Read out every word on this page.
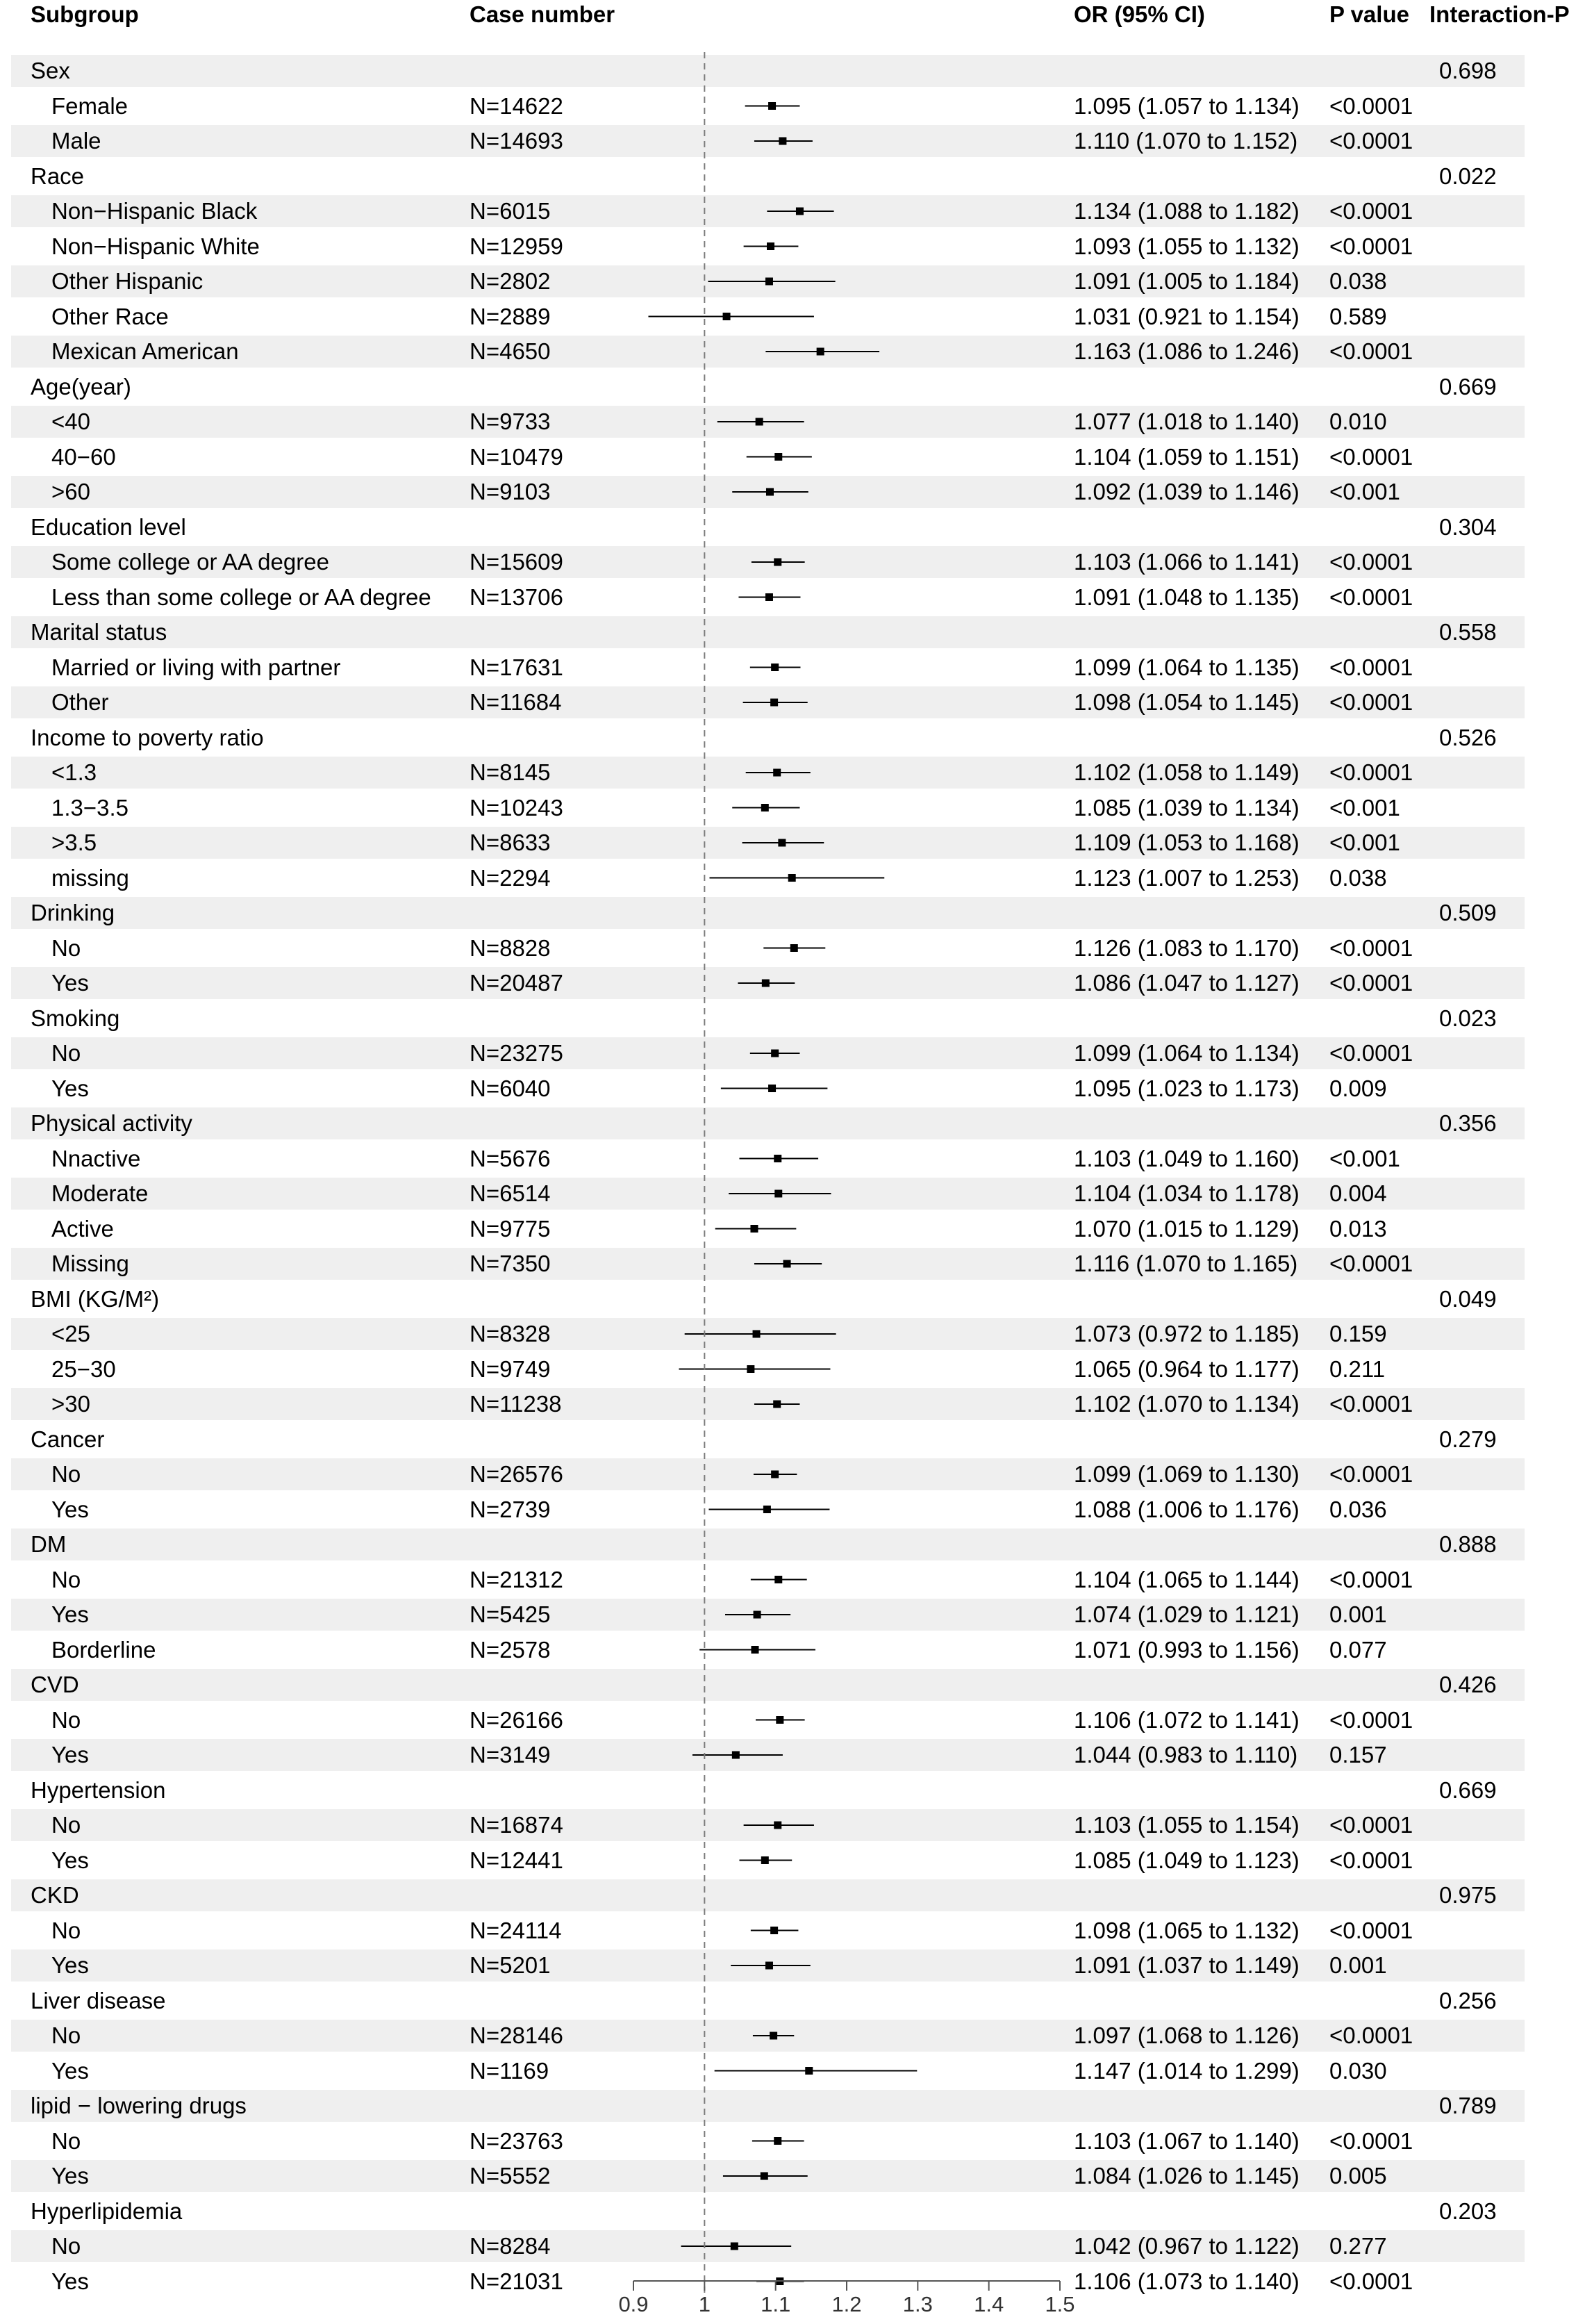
Subgroup	Case number	OR (95% CI)	P value Interaction-P
Sex	0.698
Female	N=14622	1.095 (1.057 to 1.134) <0.0001
Male	N=14693	1.110 (1.070 to 1.152) <0.0001
Race	0.022
Non−Hispanic Black	N=6015	1.134 (1.088 to 1.182) <0.0001
Non−Hispanic White	N=12959	1.093 (1.055 to 1.132) <0.0001
Other Hispanic	N=2802	1.091 (1.005 to 1.184) 0.038
Other Race	N=2889	1.031 (0.921 to 1.154) 0.589
Mexican American	N=4650	1.163 (1.086 to 1.246) <0.0001
Age(year)	0.669
<40	N=9733	1.077 (1.018 to 1.140) 0.010
40−60	N=10479	1.104 (1.059 to 1.151) <0.0001
>60	N=9103	1.092 (1.039 to 1.146) <0.001
Education level	0.304
Some college or AA degree	N=15609	1.103 (1.066 to 1.141) <0.0001
Less than some college or AA degree N=13706	1.091 (1.048 to 1.135) <0.0001
Marital status	0.558
Married or living with partner	N=17631	1.099 (1.064 to 1.135) <0.0001
Other	N=11684	1.098 (1.054 to 1.145) <0.0001
Income to poverty ratio	0.526
<1.3	N=8145	1.102 (1.058 to 1.149) <0.0001
1.3−3.5	N=10243	1.085 (1.039 to 1.134) <0.001
>3.5	N=8633	1.109 (1.053 to 1.168) <0.001
missing	N=2294	1.123 (1.007 to 1.253) 0.038
Drinking	0.509
No	N=8828	1.126 (1.083 to 1.170) <0.0001
Yes	N=20487	1.086 (1.047 to 1.127) <0.0001
Smoking	0.023
No	N=23275	1.099 (1.064 to 1.134) <0.0001
Yes	N=6040	1.095 (1.023 to 1.173) 0.009
Physical activity	0.356
Nnactive	N=5676	1.103 (1.049 to 1.160) <0.001
Moderate	N=6514	1.104 (1.034 to 1.178) 0.004
Active	N=9775	1.070 (1.015 to 1.129) 0.013
Missing	N=7350	1.116 (1.070 to 1.165) <0.0001
BMI (KG/M²)	0.049
<25	N=8328	1.073 (0.972 to 1.185) 0.159
25−30	N=9749	1.065 (0.964 to 1.177) 0.211
>30	N=11238	1.102 (1.070 to 1.134) <0.0001
Cancer	0.279
No	N=26576	1.099 (1.069 to 1.130) <0.0001
Yes	N=2739	1.088 (1.006 to 1.176) 0.036
DM	0.888
No	N=21312	1.104 (1.065 to 1.144) <0.0001
Yes	N=5425	1.074 (1.029 to 1.121) 0.001
Borderline	N=2578	1.071 (0.993 to 1.156) 0.077
CVD	0.426
No	N=26166	1.106 (1.072 to 1.141) <0.0001
Yes	N=3149	1.044 (0.983 to 1.110) 0.157
Hypertension	0.669
No	N=16874	1.103 (1.055 to 1.154) <0.0001
Yes	N=12441	1.085 (1.049 to 1.123) <0.0001
CKD	0.975
No	N=24114	1.098 (1.065 to 1.132) <0.0001
Yes	N=5201	1.091 (1.037 to 1.149) 0.001
Liver disease	0.256
No	N=28146	1.097 (1.068 to 1.126) <0.0001
Yes	N=1169	1.147 (1.014 to 1.299) 0.030
lipid − lowering drugs	0.789
No	N=23763	1.103 (1.067 to 1.140) <0.0001
Yes	N=5552	1.084 (1.026 to 1.145) 0.005
Hyperlipidemia	0.203
No	N=8284	1.042 (0.967 to 1.122) 0.277
Yes	N=21031	1.106 (1.073 to 1.140) <0.0001
0.9 1 1.1 1.2 1.3 1.4 1.5
